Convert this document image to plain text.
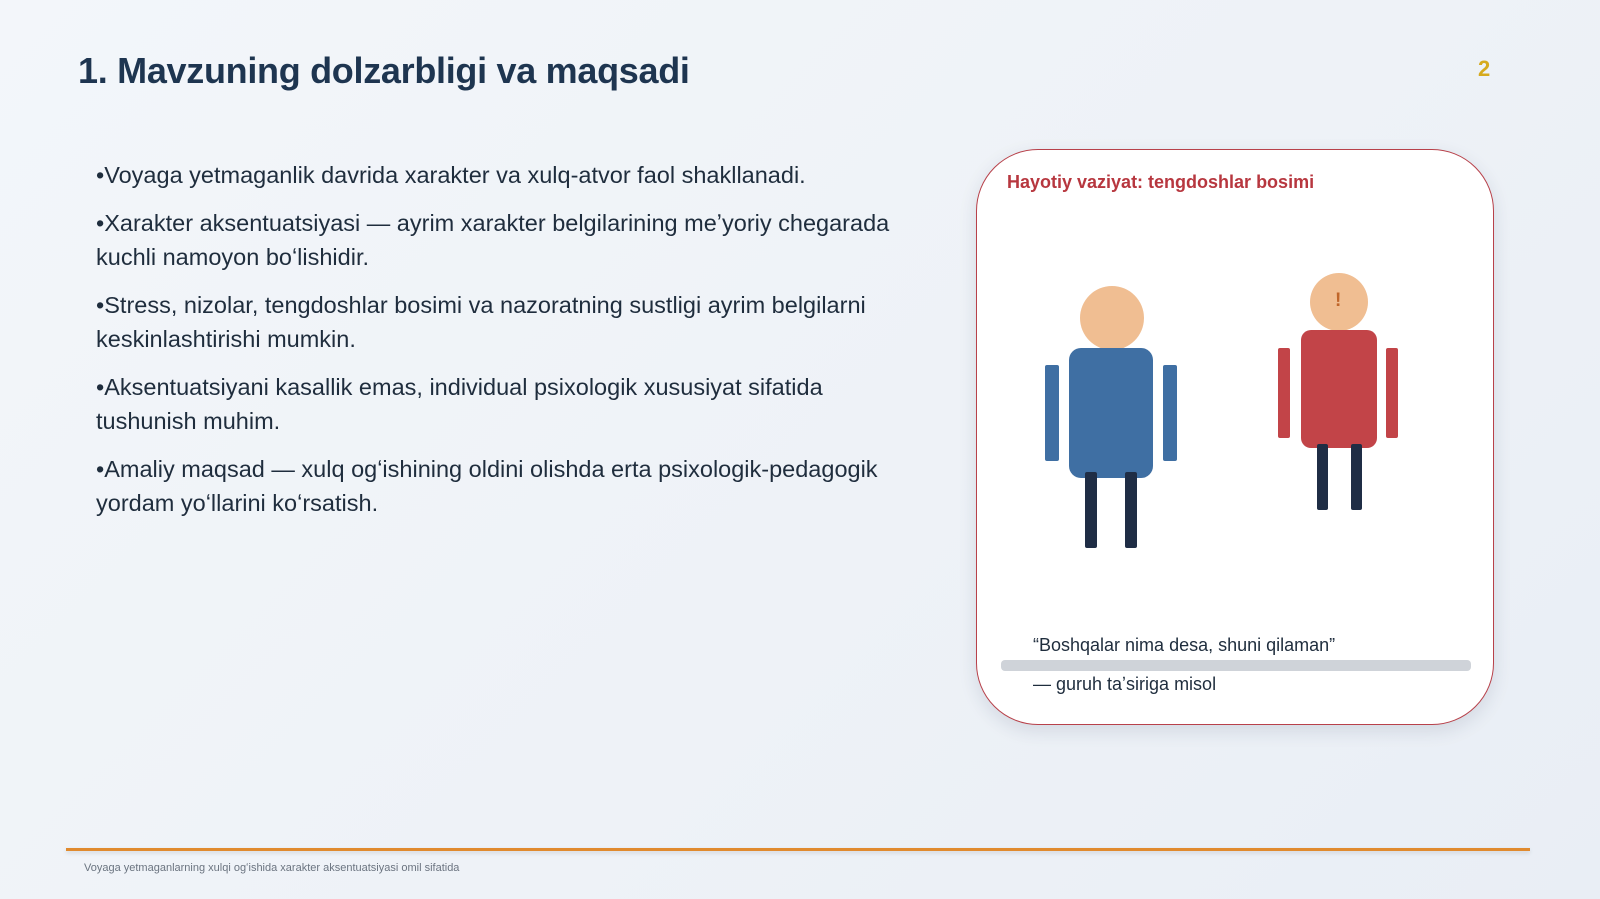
1. Mavzuning dolzarbligi va maqsadi	2
• Voyaga yetmaganlik davrida xarakter va xulq-atvor faol shakllanadi.
• Xarakter aksentuatsiyasi — ayrim xarakter belgilarining meʼyoriy chegarada kuchli namoyon boʻlishidir.
• Stress, nizolar, tengdoshlar bosimi va nazoratning sustligi ayrim belgilarni keskinlashtirishi mumkin.
• Aksentuatsiyani kasallik emas, individual psixologik xususiyat sifatida tushunish muhim.
• Amaliy maqsad — xulq ogʻishining oldini olishda erta psixologik-pedagogik yordam yoʻllarini koʻrsatish.
Hayotiy vaziyat: tengdoshlar bosimi
!
“Boshqalar nima desa, shuni qilaman”
— guruh taʼsiriga misol
Voyaga yetmaganlarning xulqi ogʻishida xarakter aksentuatsiyasi omil sifatida
